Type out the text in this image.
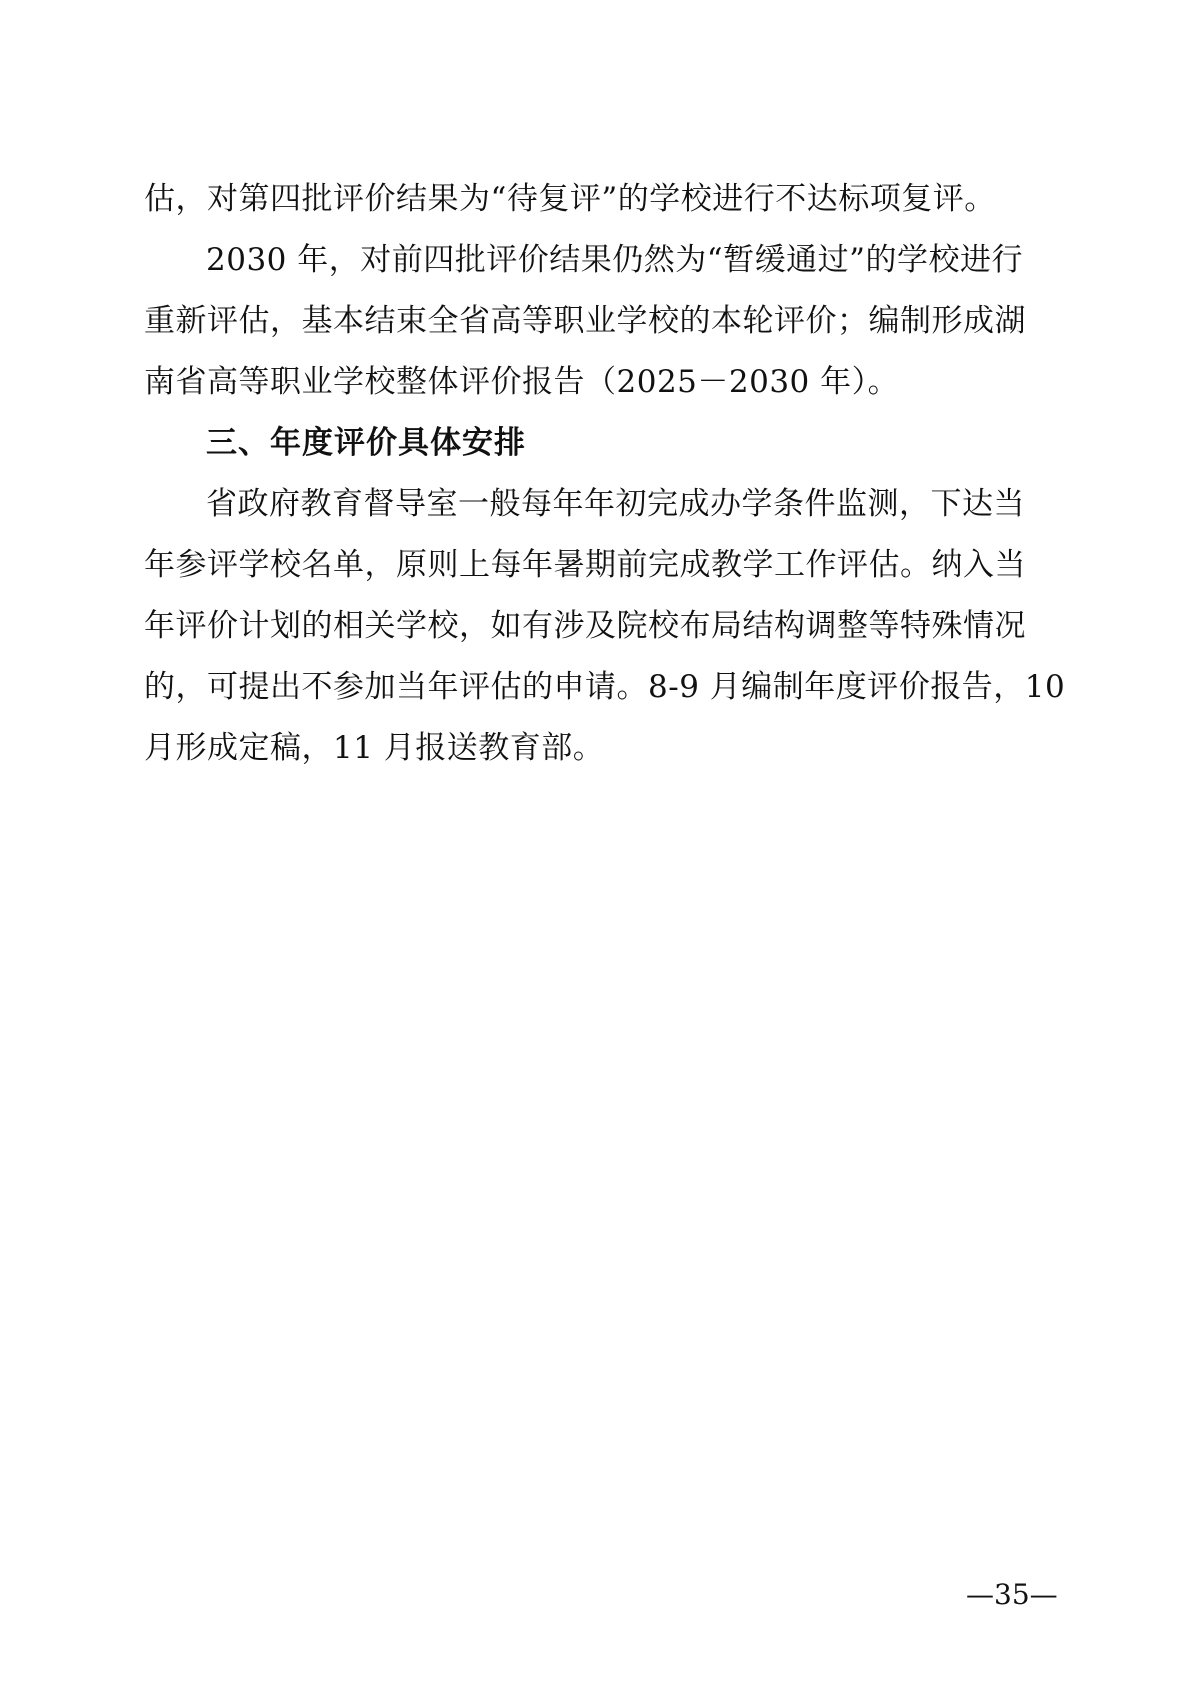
估，对第四批评价结果为“待复评”的学校进行不达标项复评。
2030 年，对前四批评价结果仍然为“暂缓通过”的学校进行
重新评估，基本结束全省高等职业学校的本轮评价；编制形成湖
南省高等职业学校整体评价报告（2025－2030 年）。
三、年度评价具体安排
省政府教育督导室一般每年年初完成办学条件监测，下达当
年参评学校名单，原则上每年暑期前完成教学工作评估。纳入当
年评价计划的相关学校，如有涉及院校布局结构调整等特殊情况
的，可提出不参加当年评估的申请。8-9 月编制年度评价报告，10
月形成定稿，11 月报送教育部。
—35—
